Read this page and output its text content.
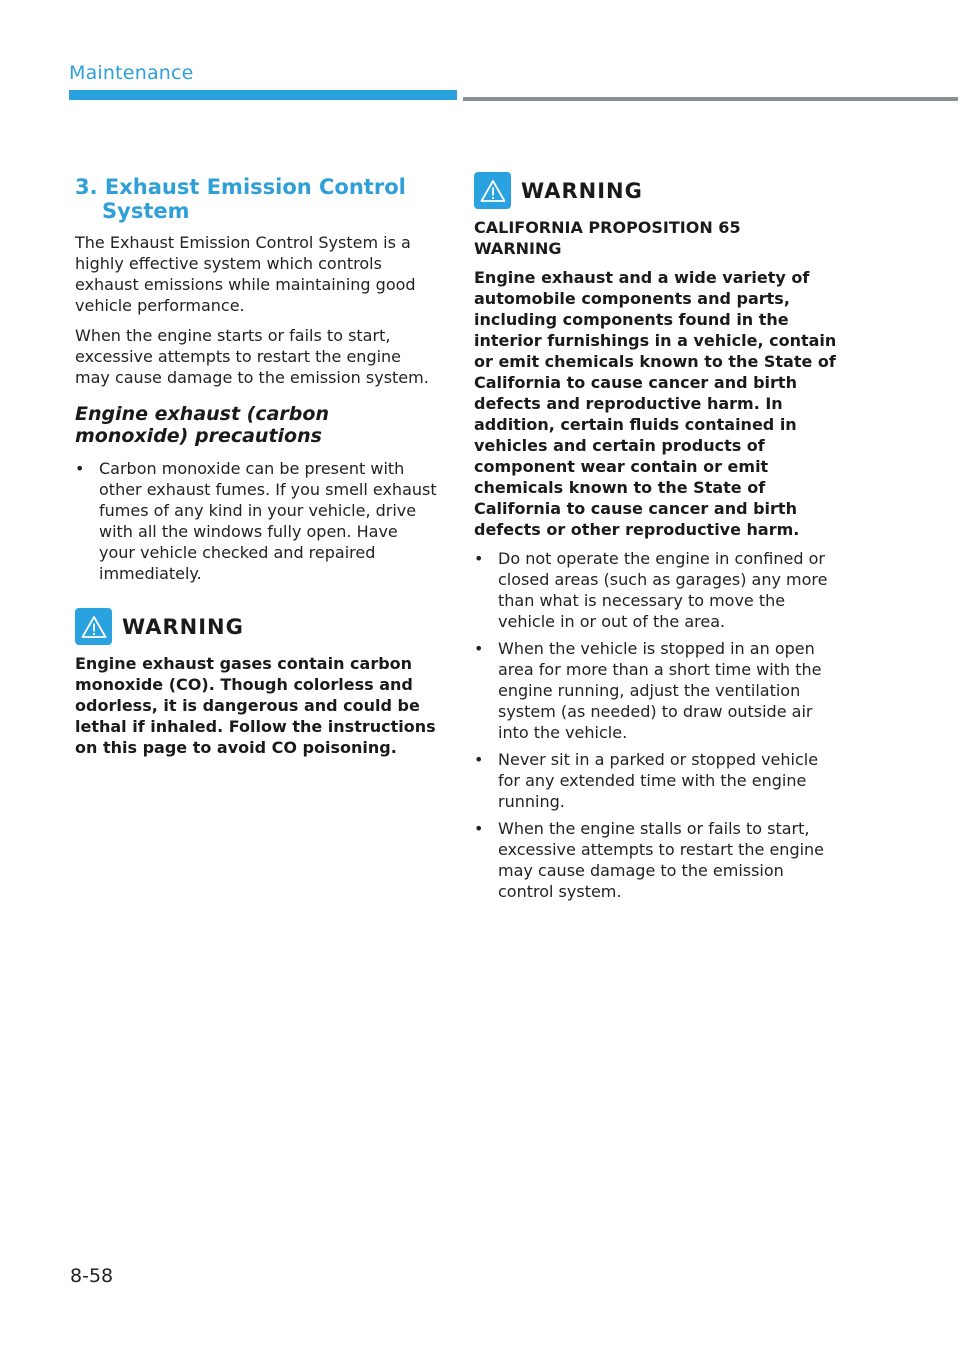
Maintenance
3. Exhaust Emission Control System

The Exhaust Emission Control System is a highly effective system which controls exhaust emissions while maintaining good vehicle performance.

When the engine starts or fails to start, excessive attempts to restart the engine may cause damage to the emission system.

Engine exhaust (carbon monoxide) precautions
• Carbon monoxide can be present with other exhaust fumes. If you smell exhaust fumes of any kind in your vehicle, drive with all the windows fully open. Have your vehicle checked and repaired immediately.
WARNING
Engine exhaust gases contain carbon monoxide (CO). Though colorless and odorless, it is dangerous and could be lethal if inhaled. Follow the instructions on this page to avoid CO poisoning.
WARNING
CALIFORNIA PROPOSITION 65 WARNING
Engine exhaust and a wide variety of automobile components and parts, including components found in the interior furnishings in a vehicle, contain or emit chemicals known to the State of California to cause cancer and birth defects and reproductive harm. In addition, certain fluids contained in vehicles and certain products of component wear contain or emit chemicals known to the State of California to cause cancer and birth defects or other reproductive harm.
• Do not operate the engine in confined or closed areas (such as garages) any more than what is necessary to move the vehicle in or out of the area.
• When the vehicle is stopped in an open area for more than a short time with the engine running, adjust the ventilation system (as needed) to draw outside air into the vehicle.
• Never sit in a parked or stopped vehicle for any extended time with the engine running.
• When the engine stalls or fails to start, excessive attempts to restart the engine may cause damage to the emission control system.
8-58
